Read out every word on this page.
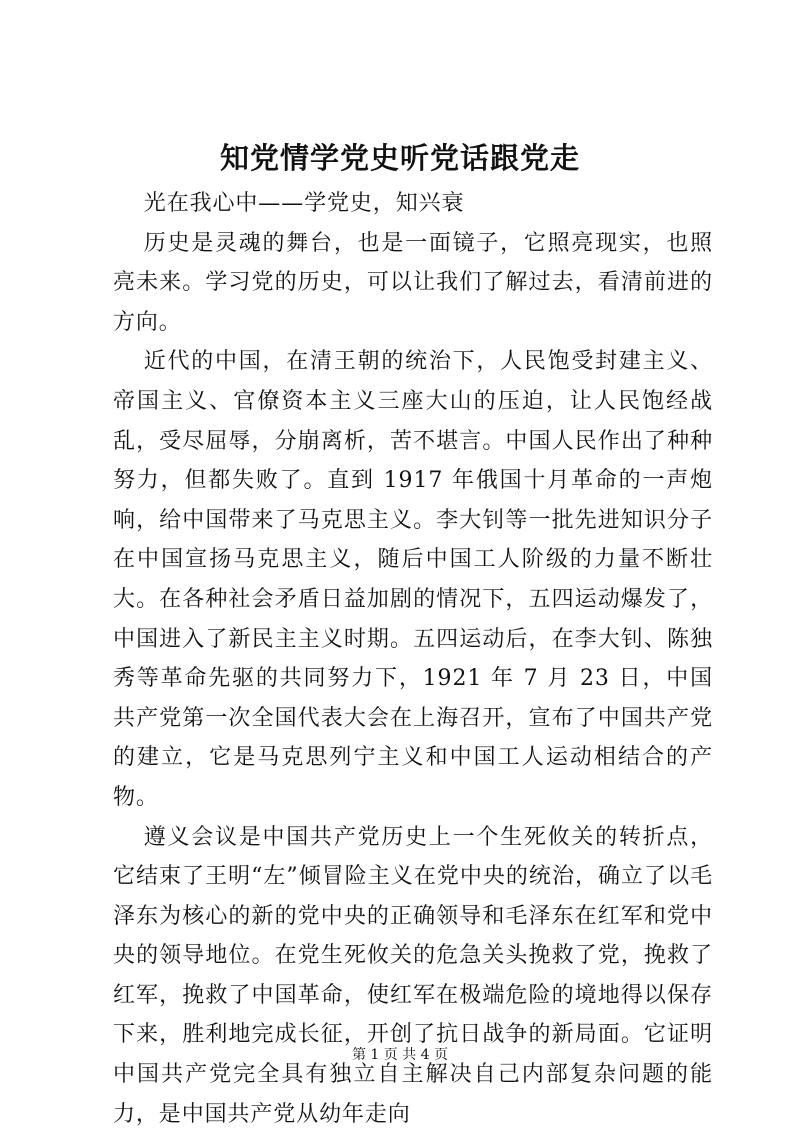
知党情学党史听党话跟党走

光在我心中——学党史，知兴衰

历史是灵魂的舞台，也是一面镜子，它照亮现实，也照亮未来。学习党的历史，可以让我们了解过去，看清前进的方向。

近代的中国，在清王朝的统治下，人民饱受封建主义、帝国主义、官僚资本主义三座大山的压迫，让人民饱经战乱，受尽屈辱，分崩离析，苦不堪言。中国人民作出了种种努力，但都失败了。直到 1917 年俄国十月革命的一声炮响，给中国带来了马克思主义。李大钊等一批先进知识分子在中国宣扬马克思主义，随后中国工人阶级的力量不断壮大。在各种社会矛盾日益加剧的情况下，五四运动爆发了，中国进入了新民主主义时期。五四运动后，在李大钊、陈独秀等革命先驱的共同努力下，1921 年 7 月 23 日，中国共产党第一次全国代表大会在上海召开，宣布了中国共产党的建立，它是马克思列宁主义和中国工人运动相结合的产物。

遵义会议是中国共产党历史上一个生死攸关的转折点，它结束了王明“左”倾冒险主义在党中央的统治，确立了以毛泽东为核心的新的党中央的正确领导和毛泽东在红军和党中央的领导地位。在党生死攸关的危急关头挽救了党，挽救了红军，挽救了中国革命，使红军在极端危险的境地得以保存下来，胜利地完成长征，开创了抗日战争的新局面。它证明中国共产党完全具有独立自主解决自己内部复杂问题的能力，是中国共产党从幼年走向

第 1 页 共 4 页
